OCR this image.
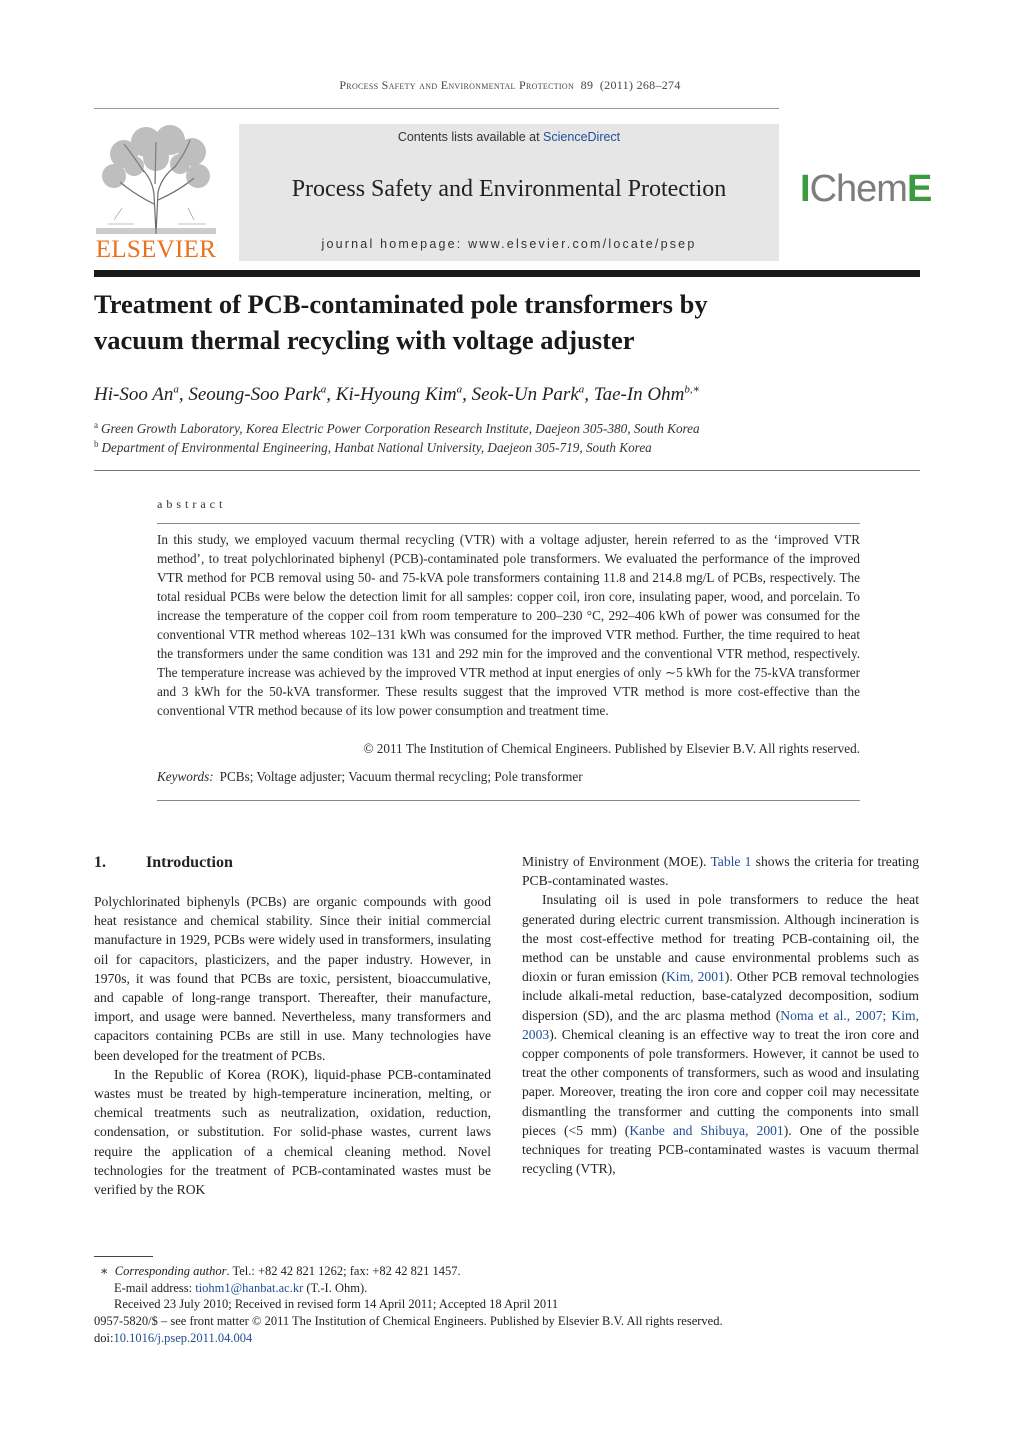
Process Safety and Environmental Protection 89 (2011) 268–274
ELSEVIER
Contents lists available at ScienceDirect
Process Safety and Environmental Protection
journal homepage: www.elsevier.com/locate/psep
IChemE
Treatment of PCB-contaminated pole transformers by
vacuum thermal recycling with voltage adjuster
Hi-Soo An$^a$, Seoung-Soo Park$^a$, Ki-Hyoung Kim$^a$, Seok-Un Park$^a$, Tae-In Ohm$^{b,∗}$
$^a$ Green Growth Laboratory, Korea Electric Power Corporation Research Institute, Daejeon 305-380, South Korea
$^b$ Department of Environmental Engineering, Hanbat National University, Daejeon 305-719, South Korea
abstract
In this study, we employed vacuum thermal recycling (VTR) with a voltage adjuster, herein referred to as the ‘improved VTR method’, to treat polychlorinated biphenyl (PCB)-contaminated pole transformers. We evaluated the performance of the improved VTR method for PCB removal using 50- and 75-kVA pole transformers containing 11.8 and 214.8 mg/L of PCBs, respectively. The total residual PCBs were below the detection limit for all samples: copper coil, iron core, insulating paper, wood, and porcelain. To increase the temperature of the copper coil from room temperature to 200–230 °C, 292–406 kWh of power was consumed for the conventional VTR method whereas 102–131 kWh was consumed for the improved VTR method. Further, the time required to heat the transformers under the same condition was 131 and 292 min for the improved and the conventional VTR method, respectively. The temperature increase was achieved by the improved VTR method at input energies of only ∼5 kWh for the 75-kVA transformer and 3 kWh for the 50-kVA transformer. These results suggest that the improved VTR method is more cost-effective than the conventional VTR method because of its low power consumption and treatment time.
© 2011 The Institution of Chemical Engineers. Published by Elsevier B.V. All rights reserved.
Keywords: PCBs; Voltage adjuster; Vacuum thermal recycling; Pole transformer
1.	Introduction

Polychlorinated biphenyls (PCBs) are organic compounds with good heat resistance and chemical stability. Since their initial commercial manufacture in 1929, PCBs were widely used in transformers, insulating oil for capacitors, plasticizers, and the paper industry. However, in 1970s, it was found that PCBs are toxic, persistent, bioaccumulative, and capable of long-range transport. Thereafter, their manufacture, import, and usage were banned. Nevertheless, many transformers and capacitors containing PCBs are still in use. Many technologies have been developed for the treatment of PCBs.

In the Republic of Korea (ROK), liquid-phase PCB-contaminated wastes must be treated by high-temperature incineration, melting, or chemical treatments such as neutralization, oxidation, reduction, condensation, or substitution. For solid-phase wastes, current laws require the application of a chemical cleaning method. Novel technologies for the treatment of PCB-contaminated wastes must be verified by the ROK

Ministry of Environment (MOE). Table 1 shows the criteria for treating PCB-contaminated wastes.

Insulating oil is used in pole transformers to reduce the heat generated during electric current transmission. Although incineration is the most cost-effective method for treating PCB-containing oil, the method can be unstable and cause environmental problems such as dioxin or furan emission (Kim, 2001). Other PCB removal technologies include alkali-metal reduction, base-catalyzed decomposition, sodium dispersion (SD), and the arc plasma method (Noma et al., 2007; Kim, 2003). Chemical cleaning is an effective way to treat the iron core and copper components of pole transformers. However, it cannot be used to treat the other components of transformers, such as wood and insulating paper. Moreover, treating the iron core and copper coil may necessitate dismantling the transformer and cutting the components into small pieces (<5 mm) (Kanbe and Shibuya, 2001). One of the possible techniques for treating PCB-contaminated wastes is vacuum thermal recycling (VTR),

∗ Corresponding author. Tel.: +82 42 821 1262; fax: +82 42 821 1457.
E-mail address: tiohm1@hanbat.ac.kr (T.-I. Ohm).
Received 23 July 2010; Received in revised form 14 April 2011; Accepted 18 April 2011
0957-5820/$ – see front matter © 2011 The Institution of Chemical Engineers. Published by Elsevier B.V. All rights reserved.
doi:10.1016/j.psep.2011.04.004
